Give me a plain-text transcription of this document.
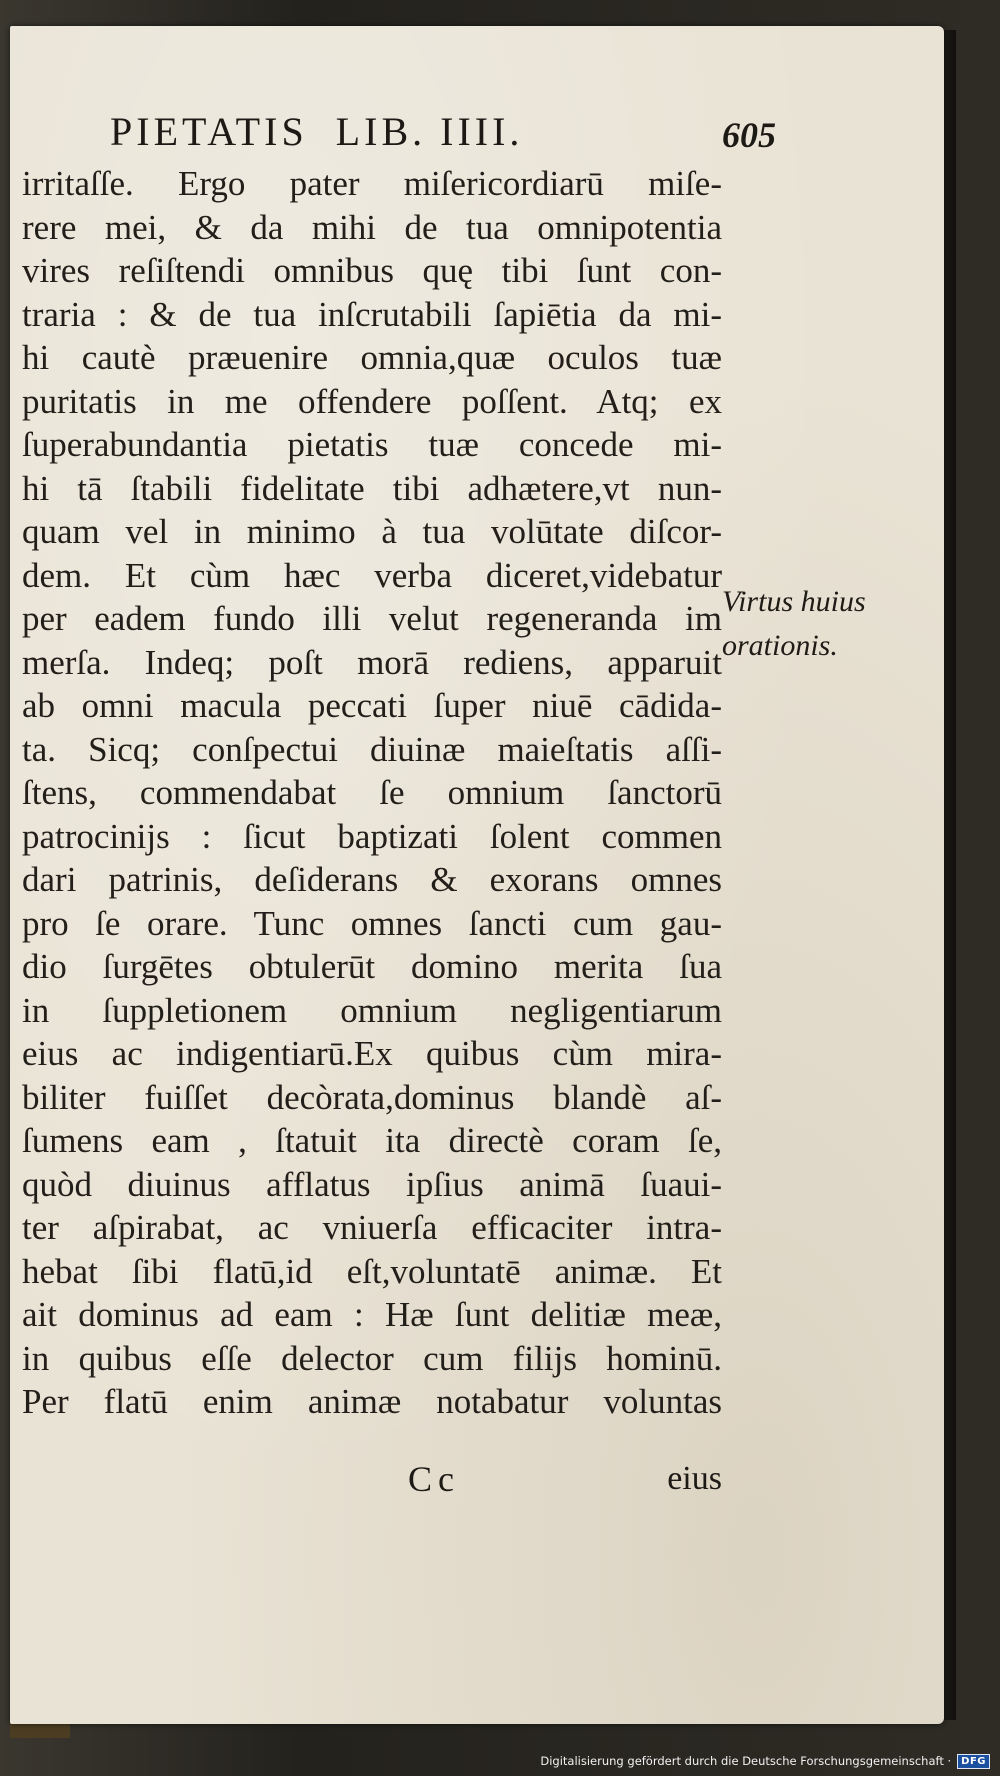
PIETATIS  LIB. IIII.	605
irritaſſe. Ergo pater miſericordiarū miſe-
rere mei, & da mihi de tua omnipotentia
vires reſiſtendi omnibus quę tibi ſunt con-
traria : & de tua inſcrutabili ſapiētia da mi-
hi cautè præuenire omnia,quæ oculos tuæ
puritatis in me offendere poſſent. Atq; ex
ſuperabundantia pietatis tuæ concede mi-
hi tā ſtabili fidelitate tibi adhætere,vt nun-
quam vel in minimo à tua volūtate diſcor-
dem. Et cùm hæc verba diceret,videbatur
per eadem fundo illi velut regeneranda im
merſa. Indeq; poſt morā rediens, apparuit
ab omni macula peccati ſuper niuē cādida-
ta. Sicq; conſpectui diuinæ maieſtatis aſſi-
ſtens, commendabat ſe omnium ſanctorū
patrocinijs : ſicut baptizati ſolent commen
dari patrinis, deſiderans & exorans omnes
pro ſe orare. Tunc omnes ſancti cum gau-
dio ſurgētes obtulerūt domino merita ſua
in ſuppletionem omnium negligentiarum
eius ac indigentiarū.Ex quibus cùm mira-
biliter fuiſſet decòrata,dominus blandè aſ-
ſumens eam , ſtatuit ita directè coram ſe,
quòd diuinus afflatus ipſius animā ſuaui-
ter aſpirabat, ac vniuerſa efficaciter intra-
hebat ſibi flatū,id eſt,voluntatē animæ. Et
ait dominus ad eam : Hæ ſunt delitiæ meæ,
in quibus eſſe delector cum filijs hominū.
Per flatū enim animæ notabatur voluntas
Virtus huius
orationis.
Cc	eius
Digitalisierung gefördert durch die Deutsche Forschungsgemeinschaft ·	DFG
